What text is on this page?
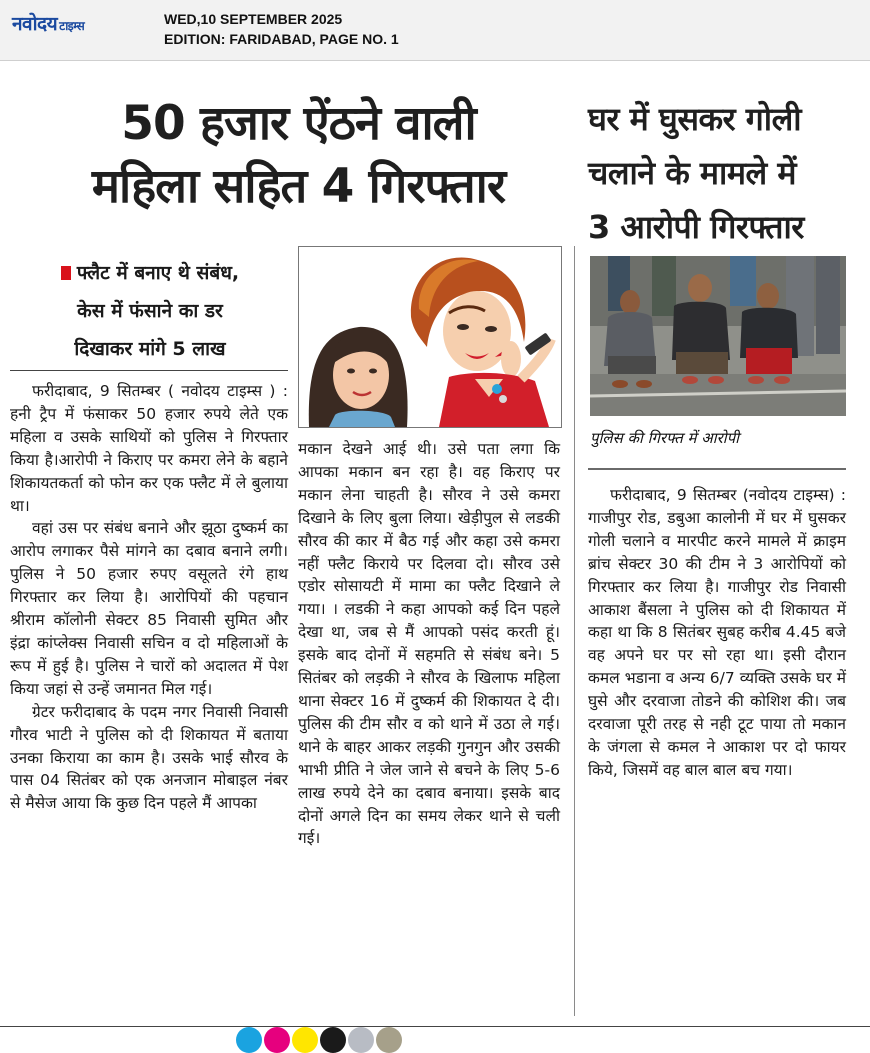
नवोदय टाइम्स	WED,10 SEPTEMBER 2025
EDITION: FARIDABAD, PAGE NO. 1
50 हजार ऐंठने वाली
महिला सहित 4 गिरफ्तार
घर में घुसकर गोली
चलाने के मामले में
3 आरोपी गिरफ्तार
फ्लैट में बनाए थे संबंध,
केस में फंसाने का डर
दिखाकर मांगे 5 लाख
पुलिस की गिरफ्त में आरोपी

फरीदाबाद, 9 सितम्बर ( नवोदय टाइम्स ) : हनी ट्रैप में फंसाकर 50 हजार रुपये लेते एक महिला व उसके साथियों को पुलिस ने गिरफ्तार किया है।आरोपी ने किराए पर कमरा लेने के बहाने शिकायतकर्ता को फोन कर एक फ्लैट में ले बुलाया था।

वहां उस पर संबंध बनाने और झूठा दुष्कर्म का आरोप लगाकर पैसे मांगने का दबाव बनाने लगी। पुलिस ने 50 हजार रुपए वसूलते रंगे हाथ गिरफ्तार कर लिया है। आरोपियों की पहचान श्रीराम कॉलोनी सेक्टर 85 निवासी सुमित और इंद्रा कांप्लेक्स निवासी सचिन व दो महिलाओं के रूप में हुई है। पुलिस ने चारों को अदालत में पेश किया जहां से उन्हें जमानत मिल गई।

ग्रेटर फरीदाबाद के पदम नगर निवासी निवासी गौरव भाटी ने पुलिस को दी शिकायत में बताया उनका किराया का काम है। उसके भाई सौरव के पास 04 सितंबर को एक अनजान मोबाइल नंबर से मैसेज आया कि कुछ दिन पहले मैं आपका

मकान देखने आई थी। उसे पता लगा कि आपका मकान बन रहा है। वह किराए पर मकान लेना चाहती है। सौरव ने उसे कमरा दिखाने के लिए बुला लिया। खेड़ीपुल से लडकी सौरव की कार में बैठ गई और कहा उसे कमरा नहीं फ्लैट किराये पर दिलवा दो। सौरव उसे एडोर सोसायटी में मामा का फ्लैट दिखाने ले गया। । लडकी ने कहा आपको कई दिन पहले देखा था, जब से मैं आपको पसंद करती हूं। इसके बाद दोनों में सहमति से संबंध बने। 5 सितंबर को लड़की ने सौरव के खिलाफ महिला थाना सेक्टर 16 में दुष्कर्म की शिकायत दे दी। पुलिस की टीम सौर व को थाने में उठा ले गई। थाने के बाहर आकर लड़की गुनगुन और उसकी भाभी प्रीति ने जेल जाने से बचने के लिए 5-6 लाख रुपये देने का दबाव बनाया। इसके बाद दोनों अगले दिन का समय लेकर थाने से चली गई।

फरीदाबाद, 9 सितम्बर (नवोदय टाइम्स) : गाजीपुर रोड, डबुआ कालोनी में घर में घुसकर गोली चलाने व मारपीट करने मामले में क्राइम ब्रांच सेक्टर 30 की टीम ने 3 आरोपियों को गिरफ्तार कर लिया है। गाजीपुर रोड निवासी आकाश बैंसला ने पुलिस को दी शिकायत में कहा था कि 8 सितंबर सुबह करीब 4.45 बजे वह अपने घर पर सो रहा था। इसी दौरान कमल भडाना व अन्य 6/7 व्यक्ति उसके घर में घुसे और दरवाजा तोडने की कोशिश की। जब दरवाजा पूरी तरह से नही टूट पाया तो मकान के जंगला से कमल ने आकाश पर दो फायर किये, जिसमें वह बाल बाल बच गया।
